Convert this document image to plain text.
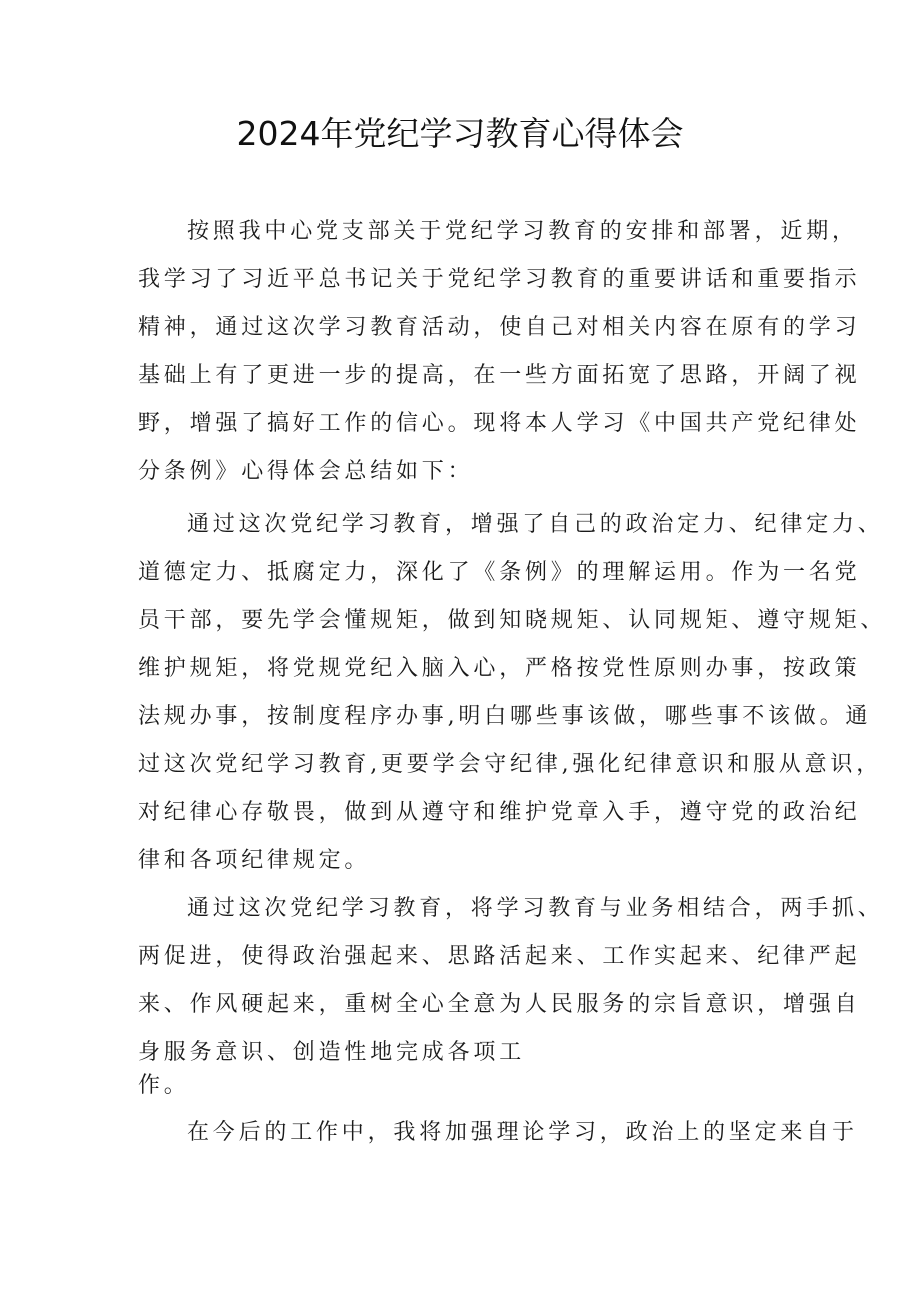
2024年党纪学习教育心得体会
按照我中心党支部关于党纪学习教育的安排和部署，近期，
我学习了习近平总书记关于党纪学习教育的重要讲话和重要指示
精神，通过这次学习教育活动，使自己对相关内容在原有的学习
基础上有了更进一步的提高，在一些方面拓宽了思路，开阔了视
野，增强了搞好工作的信心。现将本人学习《中国共产党纪律处
分条例》心得体会总结如下：
通过这次党纪学习教育，增强了自己的政治定力、纪律定力、
道德定力、抵腐定力，深化了《条例》的理解运用。作为一名党
员干部，要先学会懂规矩，做到知晓规矩、认同规矩、遵守规矩、
维护规矩，将党规党纪入脑入心，严格按党性原则办事，按政策
法规办事，按制度程序办事,明白哪些事该做，哪些事不该做。通
过这次党纪学习教育,更要学会守纪律,强化纪律意识和服从意识，
对纪律心存敬畏，做到从遵守和维护党章入手，遵守党的政治纪
律和各项纪律规定。
通过这次党纪学习教育，将学习教育与业务相结合，两手抓、
两促进，使得政治强起来、思路活起来、工作实起来、纪律严起
来、作风硬起来，重树全心全意为人民服务的宗旨意识，增强自
身服务意识、创造性地完成各项工
作。
在今后的工作中，我将加强理论学习，政治上的坚定来自于
